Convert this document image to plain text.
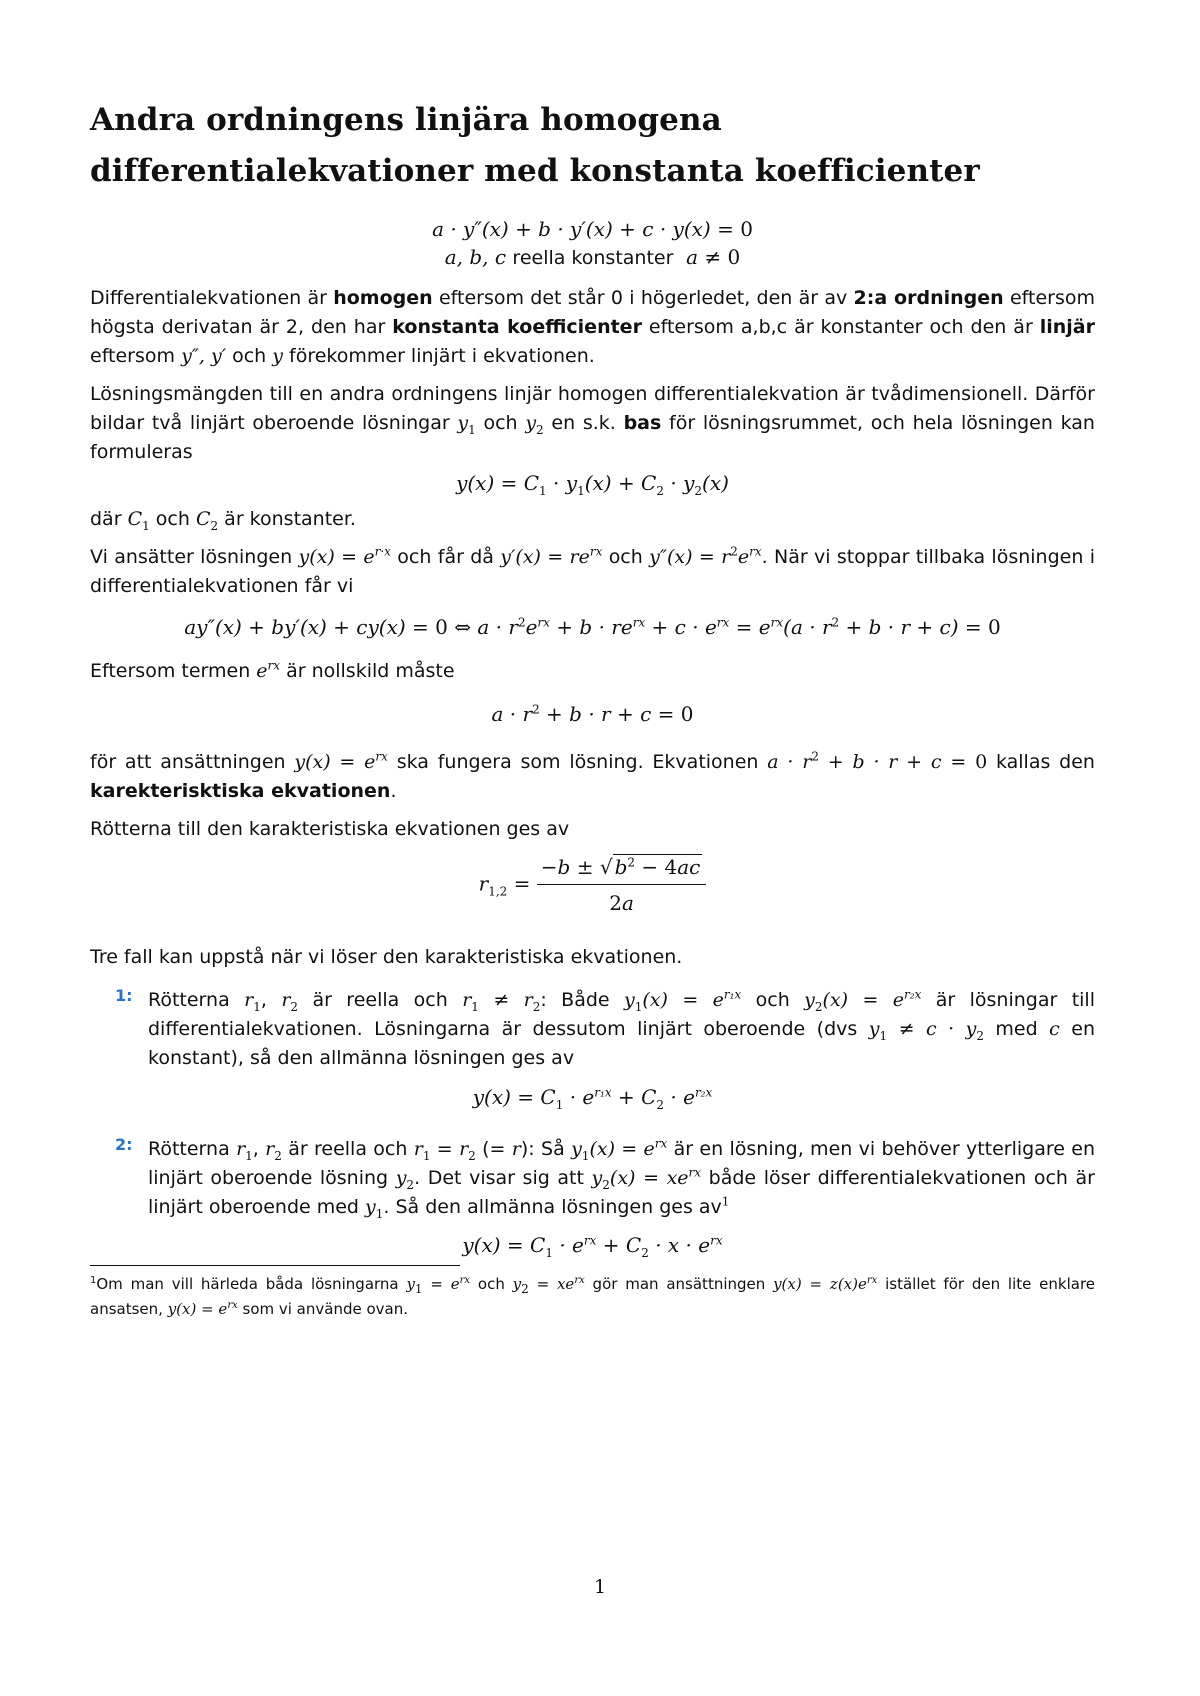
Andra ordningens linjära homogena differentialekvationer med konstanta koefficienter
a · y″(x) + b · y′(x) + c · y(x) = 0
a, b, c reella konstanter  a ≠ 0

Differentialekvationen är homogen eftersom det står 0 i högerledet, den är av 2:a ordningen eftersom högsta derivatan är 2, den har konstanta koefficienter eftersom a,b,c är konstanter och den är linjär eftersom y″, y′ och y förekommer linjärt i ekvationen.

Lösningsmängden till en andra ordningens linjär homogen differentialekvation är tvådimensionell. Därför bildar två linjärt oberoende lösningar $y_1$ och $y_2$ en s.k. bas för lösningsrummet, och hela lösningen kan formuleras

$y(x) = C_1 \cdot y_1(x) + C_2 \cdot y_2(x)$

där $C_1$ och $C_2$ är konstanter.

Vi ansätter lösningen $y(x) = e^{r\cdot x}$ och får då $y'(x) = re^{rx}$ och $y''(x) = r^2e^{rx}$. När vi stoppar tillbaka lösningen i differentialekvationen får vi

ay″(x) + by′(x) + cy(x) = 0 ⇔ $a \cdot r^2e^{rx} + b \cdot re^{rx} + c \cdot e^{rx} = e^{rx}(a \cdot r^2 + b \cdot r + c) = 0$

Eftersom termen $e^{rx}$ är nollskild måste

$a \cdot r^2 + b \cdot r + c = 0$

för att ansättningen $y(x) = e^{rx}$ ska fungera som lösning. Ekvationen $a \cdot r^2 + b \cdot r + c = 0$ kallas den karekterisktiska ekvationen.

Rötterna till den karakteristiska ekvationen ges av

$r_{1,2} = \frac{-b \pm √ b^2 - 4ac}{2a}$

Tre fall kan uppstå när vi löser den karakteristiska ekvationen.

1: Rötterna $r_1$, $r_2$ är reella och $r_1 \ne r_2$: Både $y_1(x) = e^{r_1x}$ och $y_2(x) = e^{r_2x}$ är lösningar till differentialekvationen. Lösningarna är dessutom linjärt oberoende (dvs $y_1 \ne c \cdot y_2$ med c en konstant), så den allmänna lösningen ges av

$y(x) = C_1 \cdot e^{r_1x} + C_2 \cdot e^{r_2x}$
2: Rötterna $r_1$, $r_2$ är reella och $r_1 = r_2$ (= r): Så $y_1(x) = e^{rx}$ är en lösning, men vi behöver ytterligare en linjärt oberoende lösning $y_2$. Det visar sig att $y_2(x) = xe^{rx}$ både löser differentialekvationen och är linjärt oberoende med $y_1$. Så den allmänna lösningen ges $av^1$

$y(x) = C_1 \cdot e^{rx} + C_2 \cdot x \cdot e^{rx}$
$^1$Om man vill härleda båda lösningarna $y_1 = e^{rx}$ och $y_2 = xe^{rx}$ gör man ansättningen $y(x) = z(x)e^{rx}$ istället för den lite enklare ansatsen, $y(x) = e^{rx}$ som vi använde ovan.
1
